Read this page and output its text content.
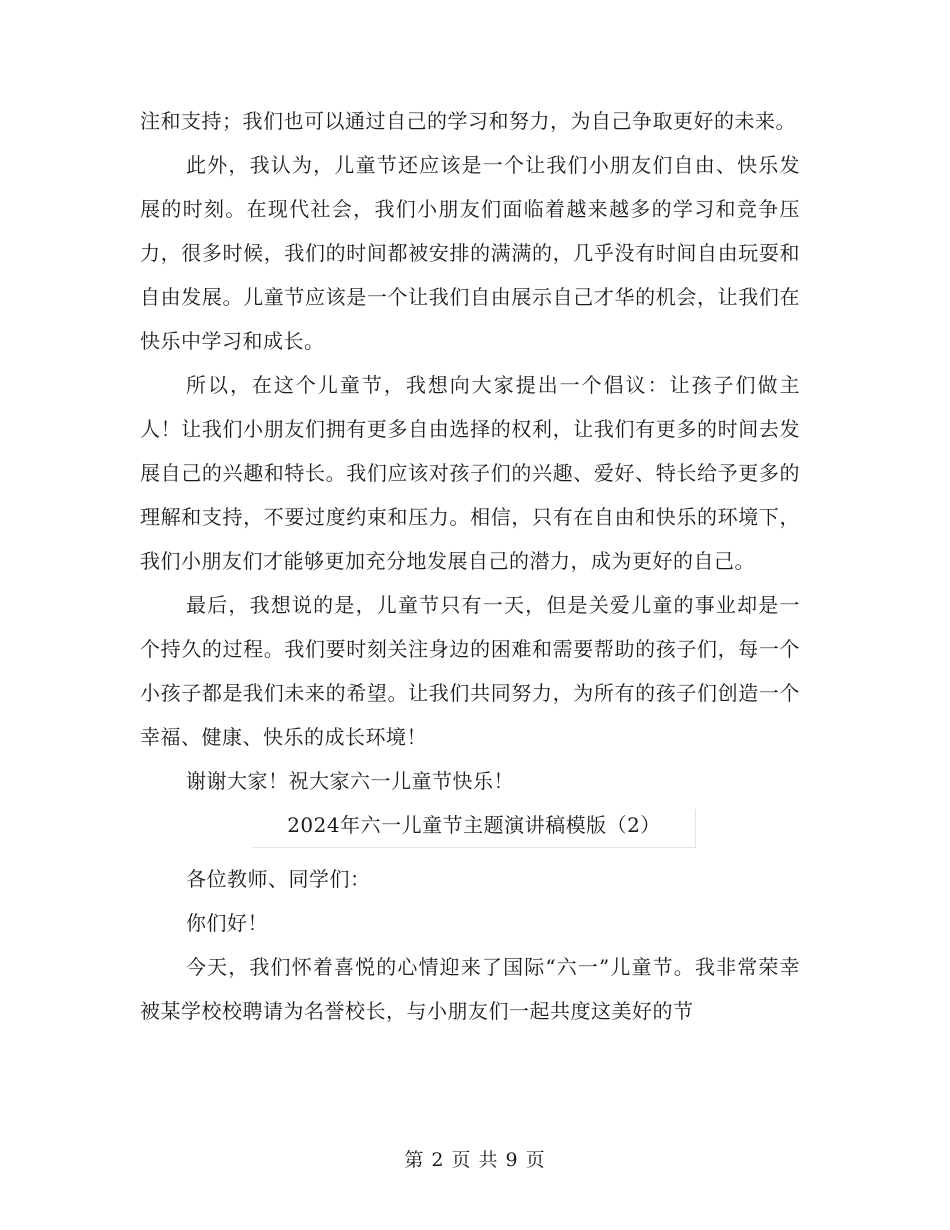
注和支持；我们也可以通过自己的学习和努力，为自己争取更好的未来。

此外，我认为，儿童节还应该是一个让我们小朋友们自由、快乐发展的时刻。在现代社会，我们小朋友们面临着越来越多的学习和竞争压力，很多时候，我们的时间都被安排的满满的，几乎没有时间自由玩耍和自由发展。儿童节应该是一个让我们自由展示自己才华的机会，让我们在快乐中学习和成长。

所以，在这个儿童节，我想向大家提出一个倡议：让孩子们做主人！让我们小朋友们拥有更多自由选择的权利，让我们有更多的时间去发展自己的兴趣和特长。我们应该对孩子们的兴趣、爱好、特长给予更多的理解和支持，不要过度约束和压力。相信，只有在自由和快乐的环境下，我们小朋友们才能够更加充分地发展自己的潜力，成为更好的自己。

最后，我想说的是，儿童节只有一天，但是关爱儿童的事业却是一个持久的过程。我们要时刻关注身边的困难和需要帮助的孩子们，每一个小孩子都是我们未来的希望。让我们共同努力，为所有的孩子们创造一个幸福、健康、快乐的成长环境！

谢谢大家！祝大家六一儿童节快乐！

2024年六一儿童节主题演讲稿模版（2）

各位教师、同学们：

你们好！

今天，我们怀着喜悦的心情迎来了国际“六一”儿童节。我非常荣幸被某学校校聘请为名誉校长，与小朋友们一起共度这美好的节

第 2 页 共 9 页
